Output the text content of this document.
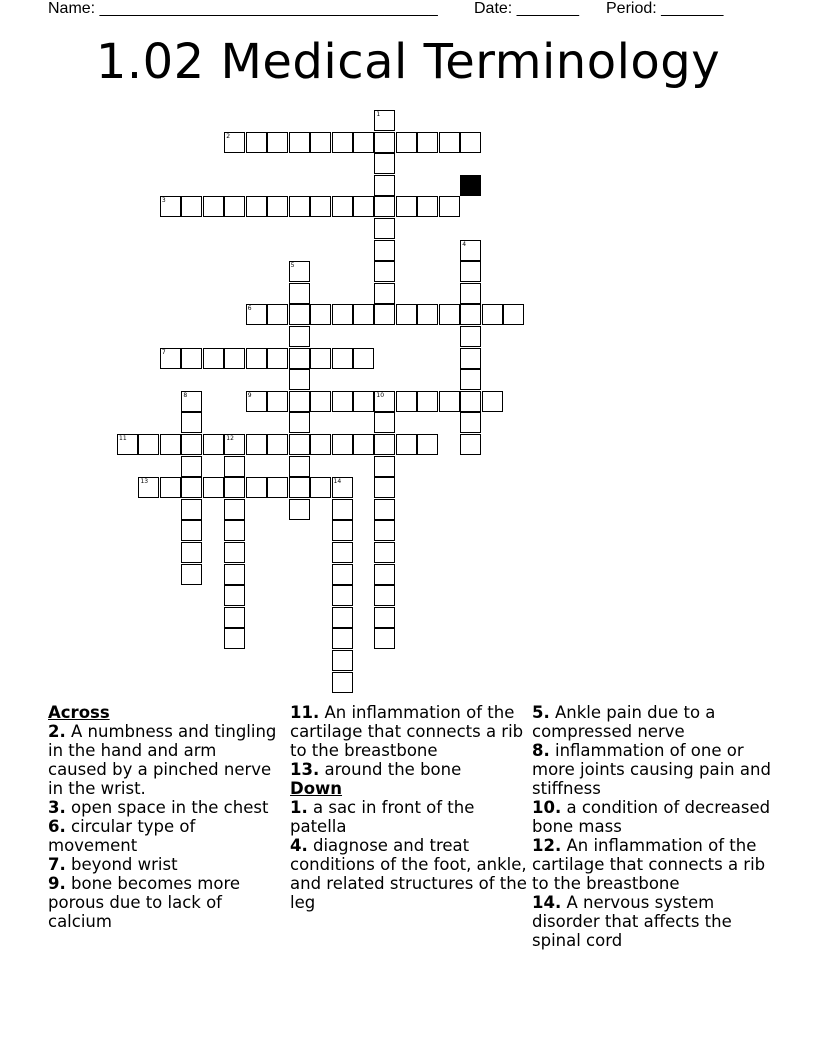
Name: ______________________________________ Date: _______ Period: _______
1.02 Medical Terminology
1
2
3
4
5
6
7
8	9	10
11	12
13	14
Across
2. A numbness and tingling in the hand and arm caused by a pinched nerve in the wrist.
3. open space in the chest
6. circular type of movement
7. beyond wrist
9. bone becomes more porous due to lack of calcium
11. An inflammation of the cartilage that connects a rib to the breastbone
13. around the bone
Down
1. a sac in front of the patella
4. diagnose and treat conditions of the foot, ankle, and related structures of the leg
5. Ankle pain due to a compressed nerve
8. inflammation of one or more joints causing pain and stiffness
10. a condition of decreased bone mass
12. An inflammation of the cartilage that connects a rib to the breastbone
14. A nervous system disorder that affects the spinal cord
